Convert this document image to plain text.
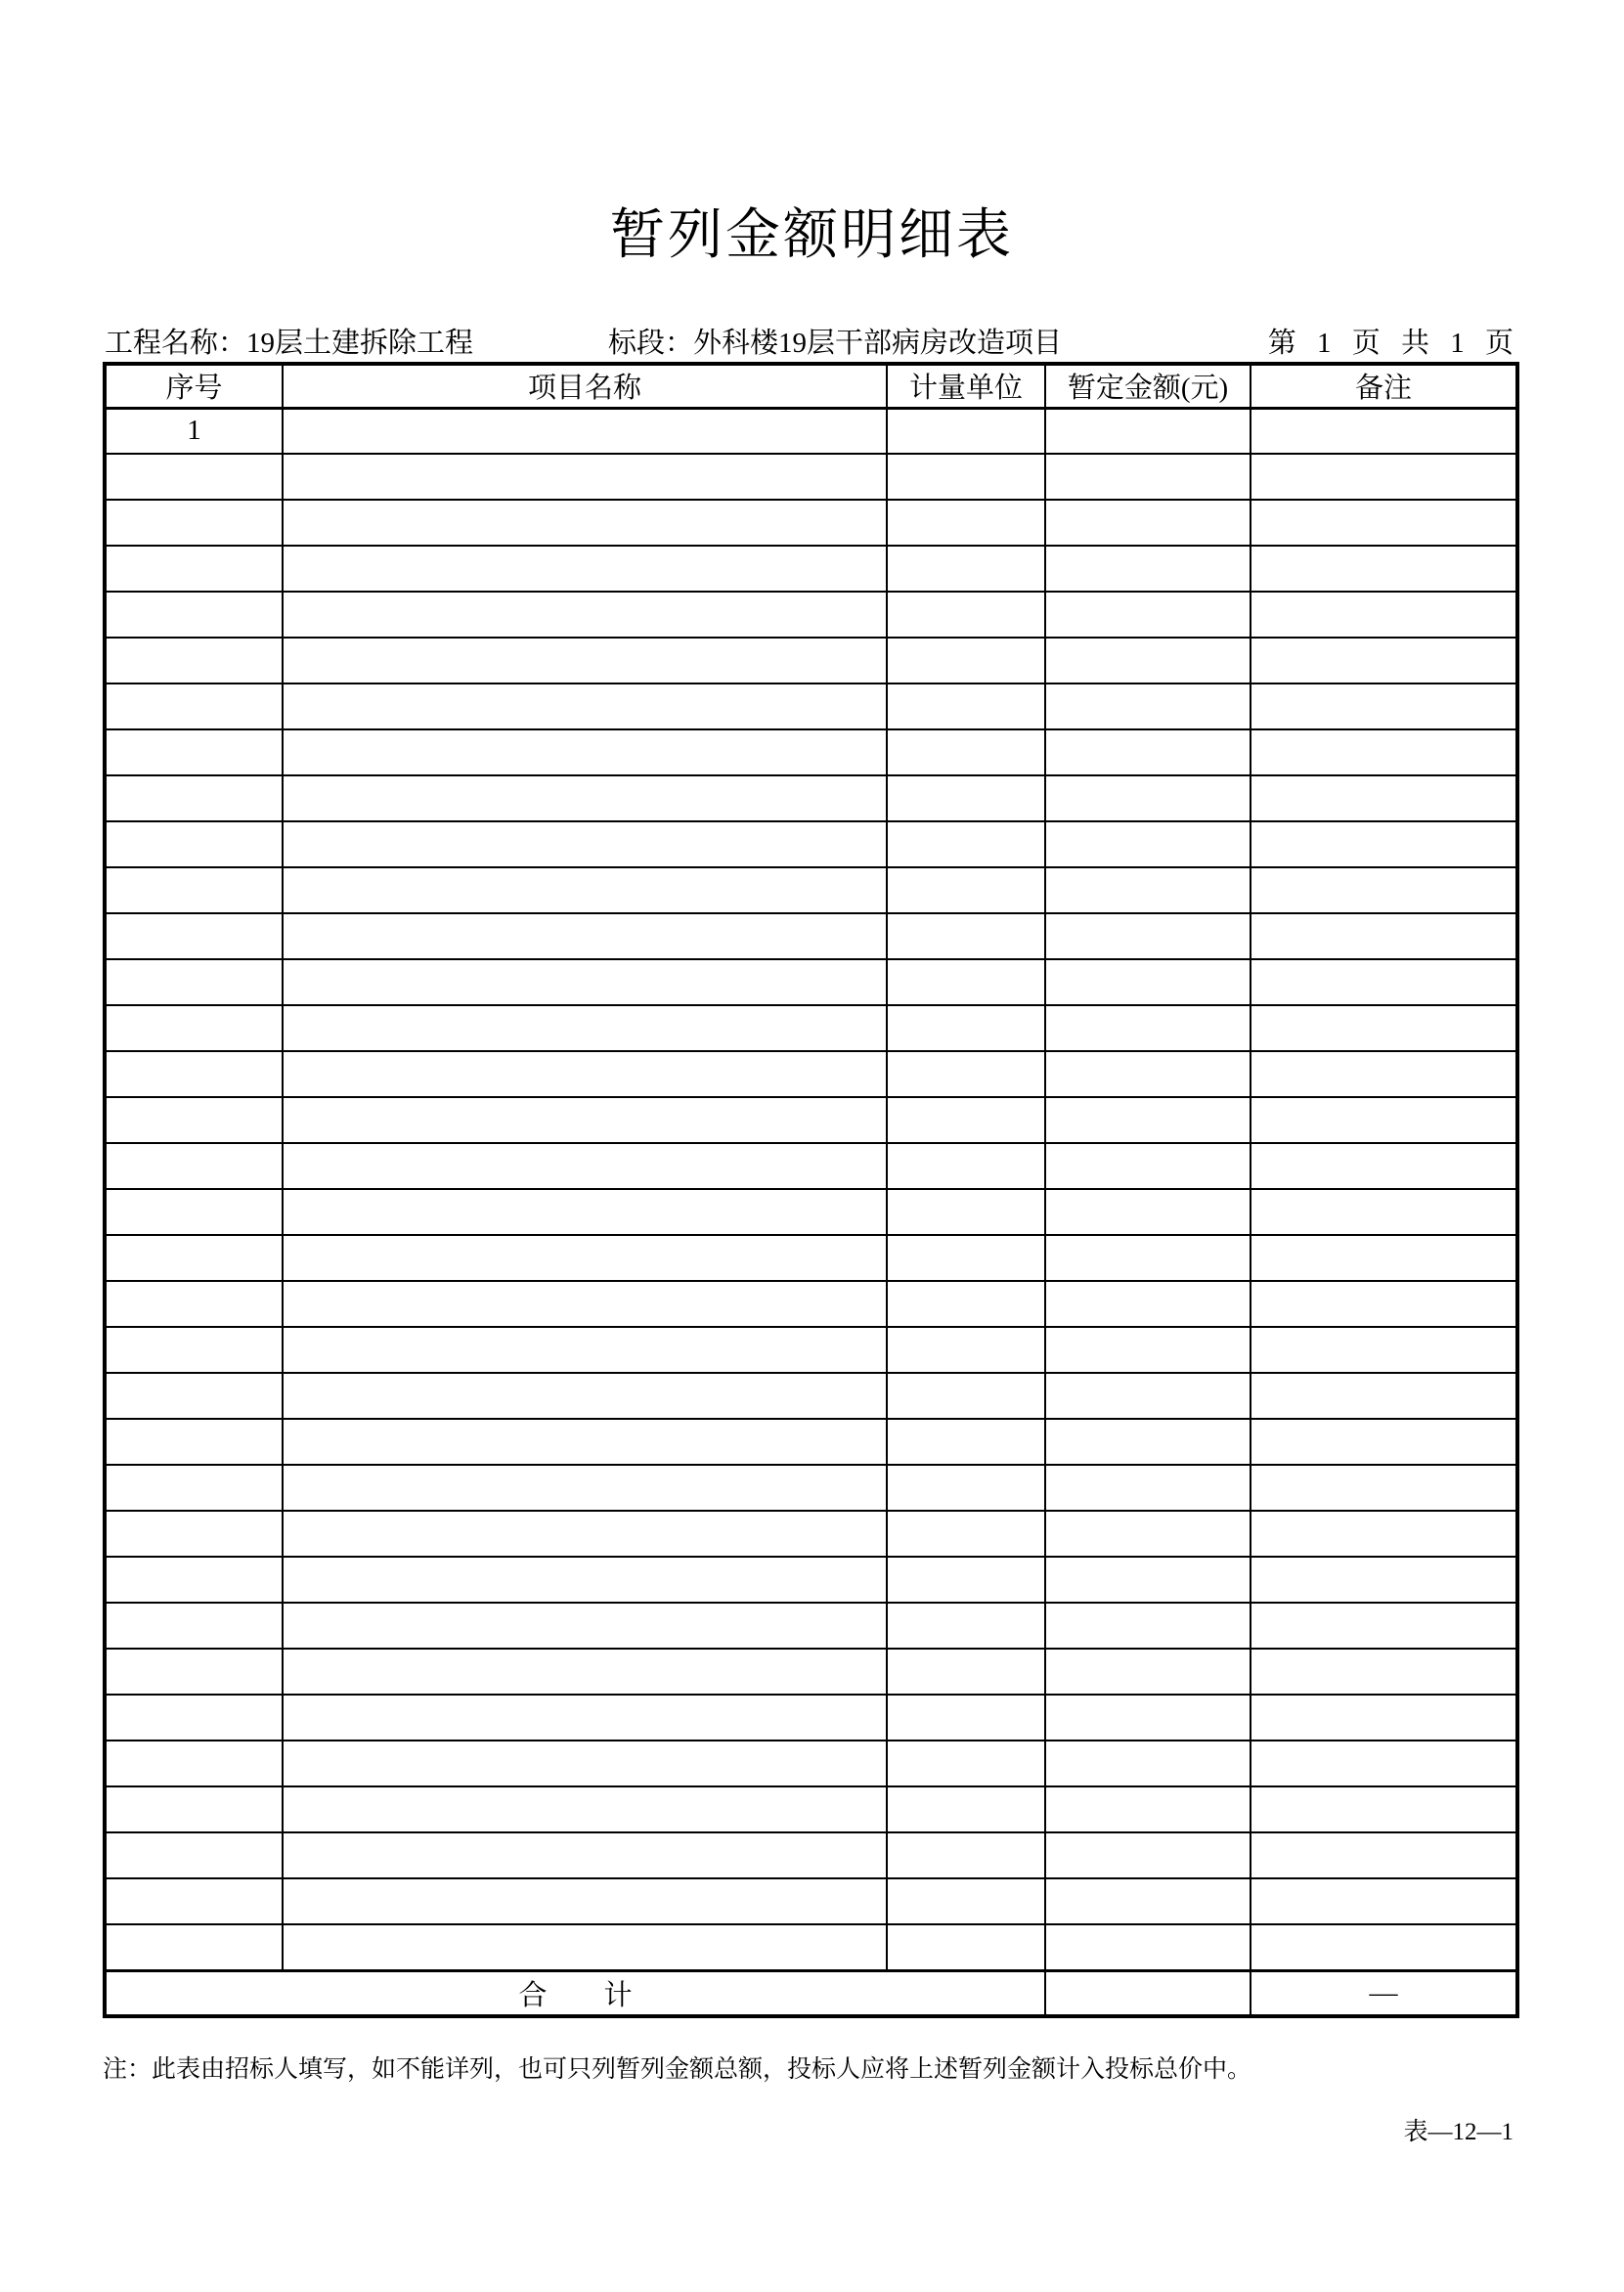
暂列金额明细表
工程名称：19层土建拆除工程	标段：外科楼19层干部病房改造项目	第 1 页 共 1 页
序号	项目名称	计量单位	暂定金额(元)	备注
1				

合　　计				—
注：此表由招标人填写，如不能详列，也可只列暂列金额总额，投标人应将上述暂列金额计入投标总价中。
表—12—1
